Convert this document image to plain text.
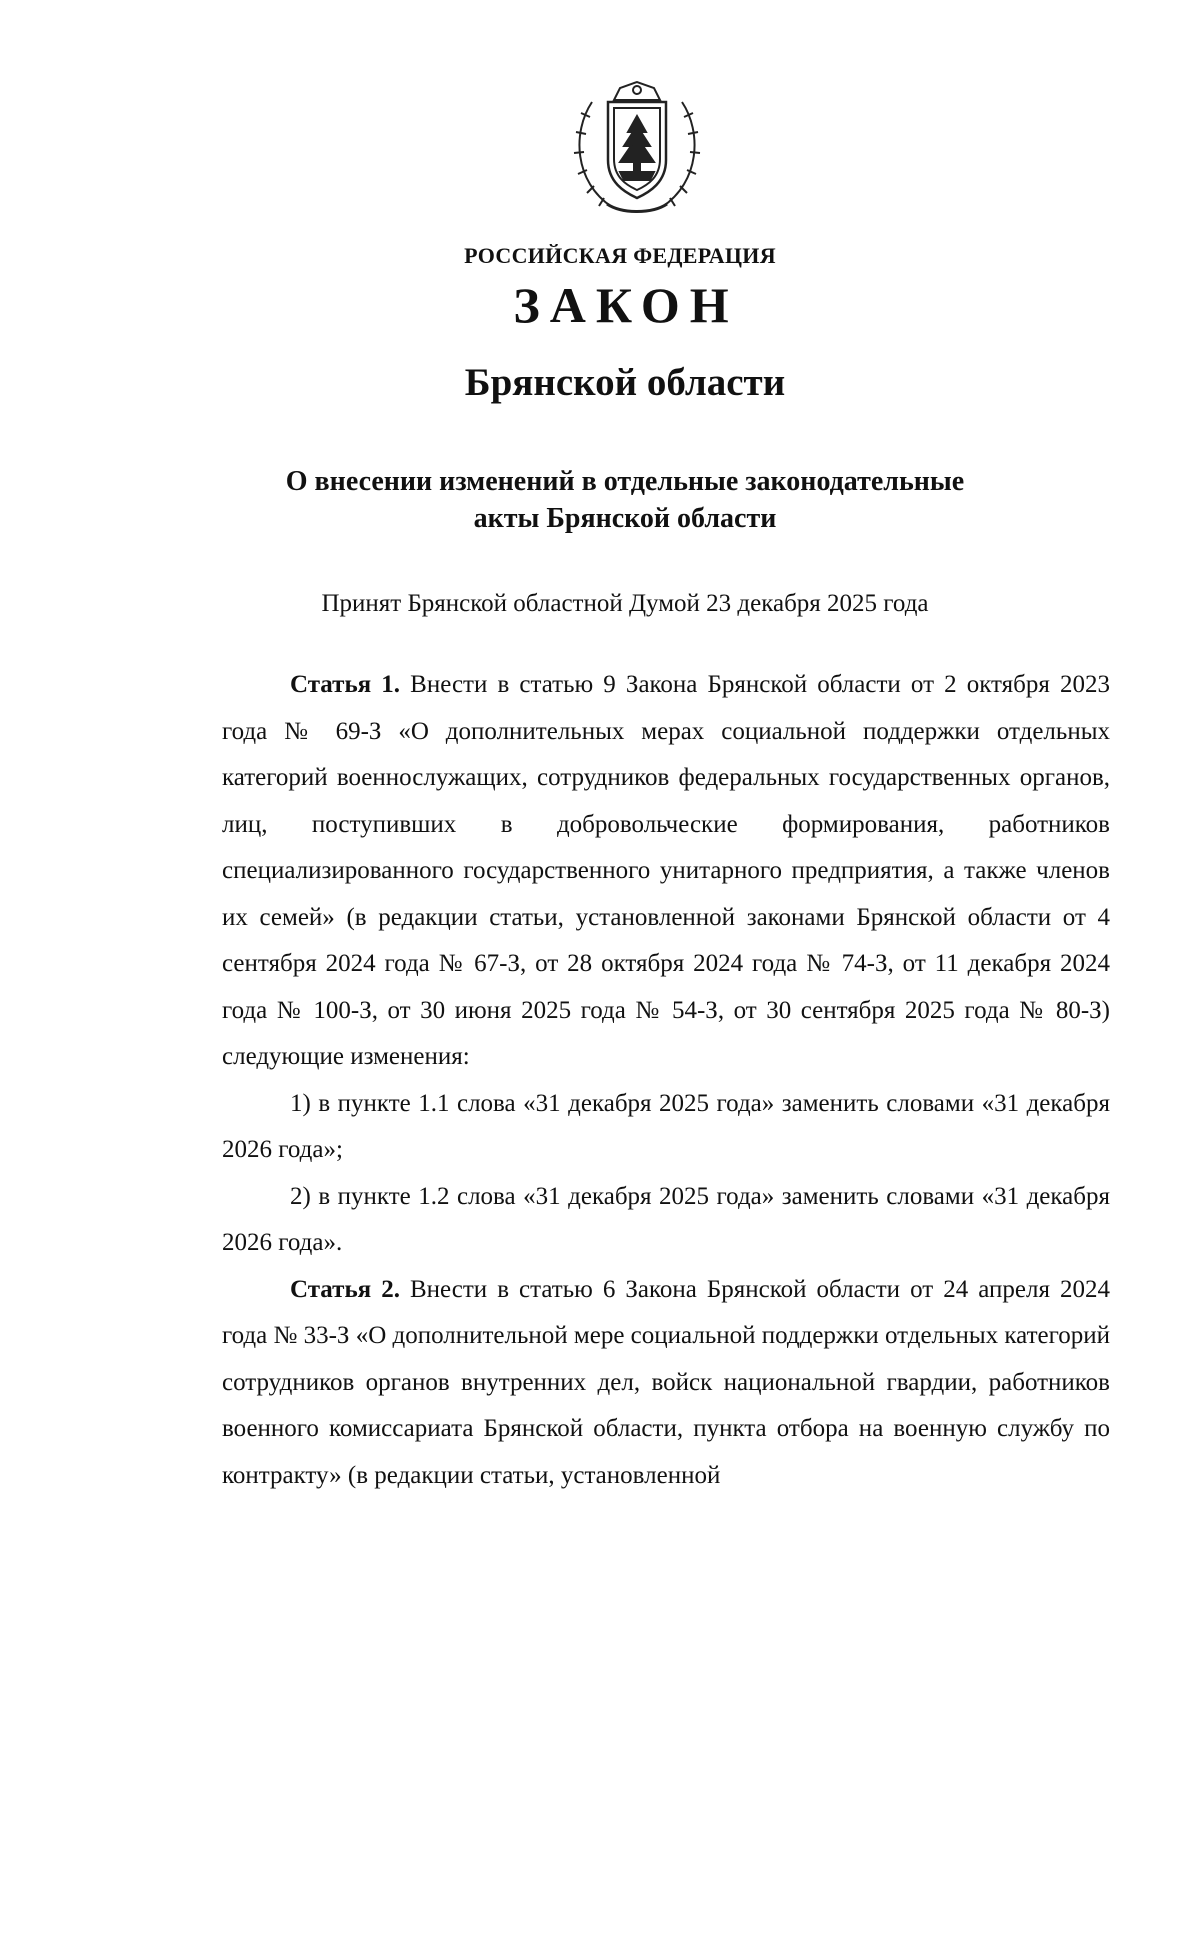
РОССИЙСКАЯ ФЕДЕРАЦИЯ
ЗАКОН
Брянской области
О внесении изменений в отдельные законодательные
акты Брянской области
Принят Брянской областной Думой 23 декабря 2025 года

Статья 1. Внести в статью 9 Закона Брянской области от 2 октября 2023 года № 69-З «О дополнительных мерах социальной поддержки отдельных категорий военнослужащих, сотрудников федеральных государственных органов, лиц, поступивших в добровольческие формирования, работников специализированного государственного унитарного предприятия, а также членов их семей» (в редакции статьи, установленной законами Брянской области от 4 сентября 2024 года № 67-З, от 28 октября 2024 года № 74-З, от 11 декабря 2024 года № 100-З, от 30 июня 2025 года № 54-З, от 30 сентября 2025 года № 80-З) следующие изменения:

1) в пункте 1.1 слова «31 декабря 2025 года» заменить словами «31 декабря 2026 года»;

2) в пункте 1.2 слова «31 декабря 2025 года» заменить словами «31 декабря 2026 года».

Статья 2. Внести в статью 6 Закона Брянской области от 24 апреля 2024 года № 33-З «О дополнительной мере социальной поддержки отдельных категорий сотрудников органов внутренних дел, войск национальной гвардии, работников военного комиссариата Брянской области, пункта отбора на военную службу по контракту» (в редакции статьи, установленной
